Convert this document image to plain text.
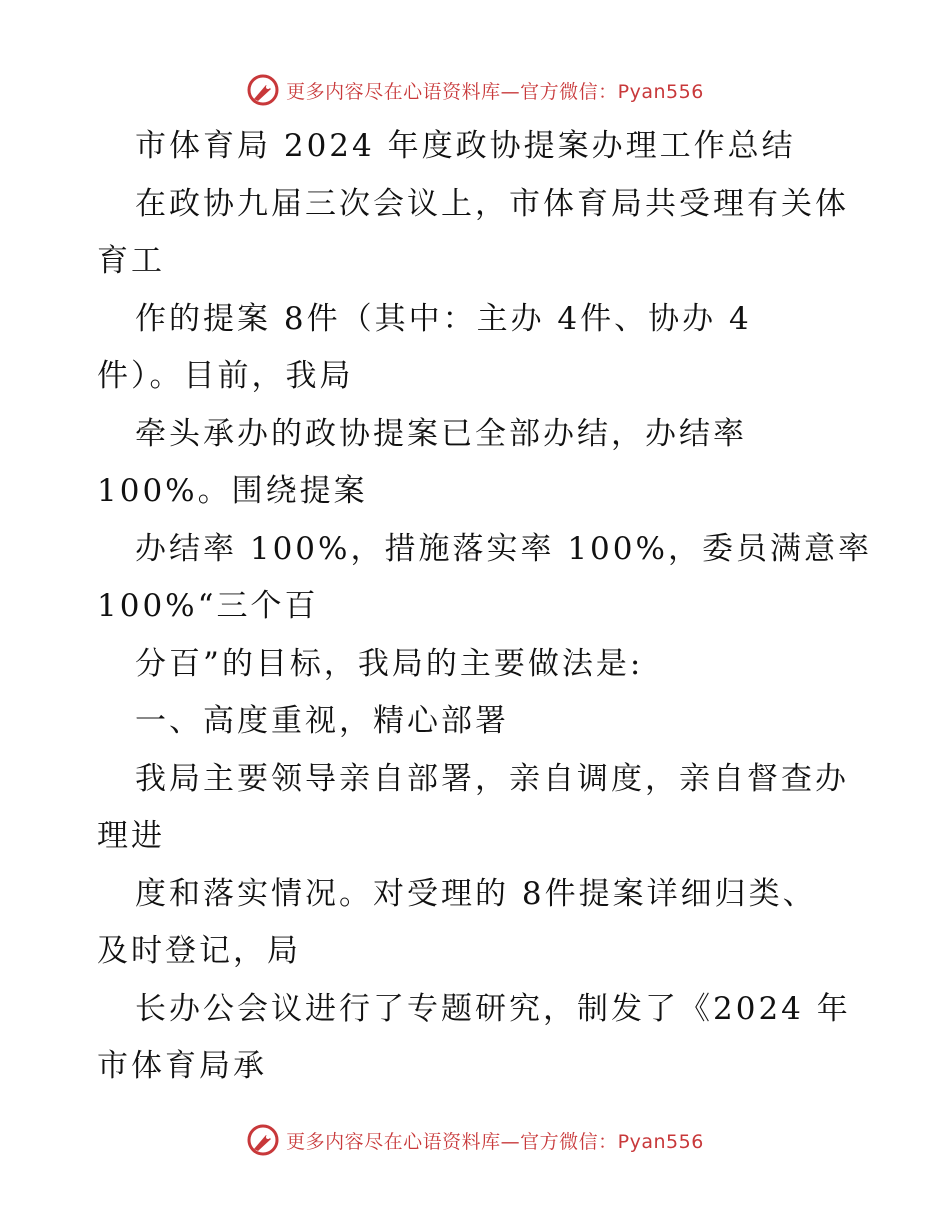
更多内容尽在心语资料库—官方微信：Pyan556
市体育局 2024 年度政协提案办理工作总结
在政协九届三次会议上，市体育局共受理有关体
育工
作的提案 8件（其中：主办 4件、协办 4
件）。目前，我局
牵头承办的政协提案已全部办结，办结率
100%。围绕提案
办结率 100%，措施落实率 100%，委员满意率
100%“三个百
分百”的目标，我局的主要做法是:
一、高度重视，精心部署
我局主要领导亲自部署，亲自调度，亲自督查办
理进
度和落实情况。对受理的 8件提案详细归类、
及时登记，局
长办公会议进行了专题研究，制发了《2024 年
市体育局承
更多内容尽在心语资料库—官方微信：Pyan556
